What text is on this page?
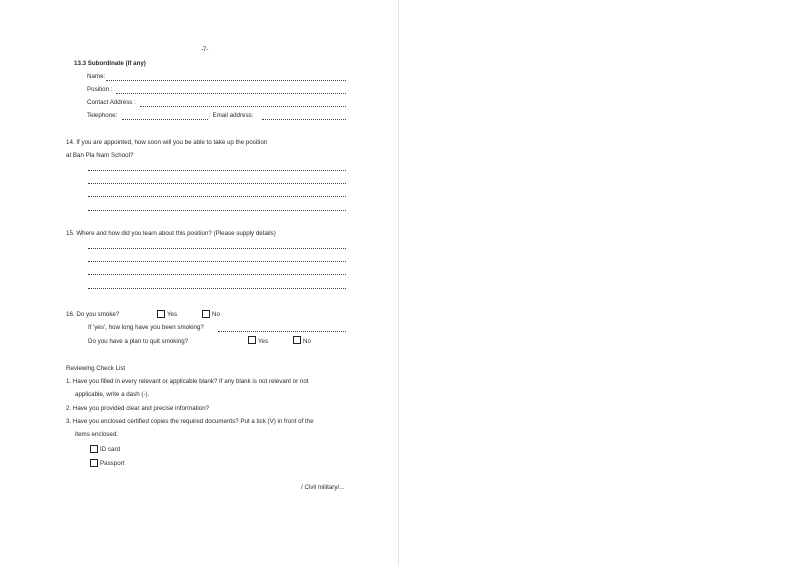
-7-
13.3 Subordinate (If any)
Name:
Position :
Contact Address :
Telephone:	: Email address:
14. If you are appointed, how soon will you be able to take up the position
at Ban Pla Nam School?
15. Where and how did you learn about this position? (Please supply details)
16. Do you smoke?	Yes	No
If 'yes', how long have you been smoking?
Do you have a plan to quit smoking?	Yes	No
Reviewing Check List
1. Have you filled in every relevant or applicable blank? If any blank is not relevant or not
applicable, write a dash (-).
2. Have you provided clear and precise information?
3. Have you enclosed certified copies the required documents? Put a tick (V) in front of the
items enclosed.
ID card
Passport
/ Civil military/...
